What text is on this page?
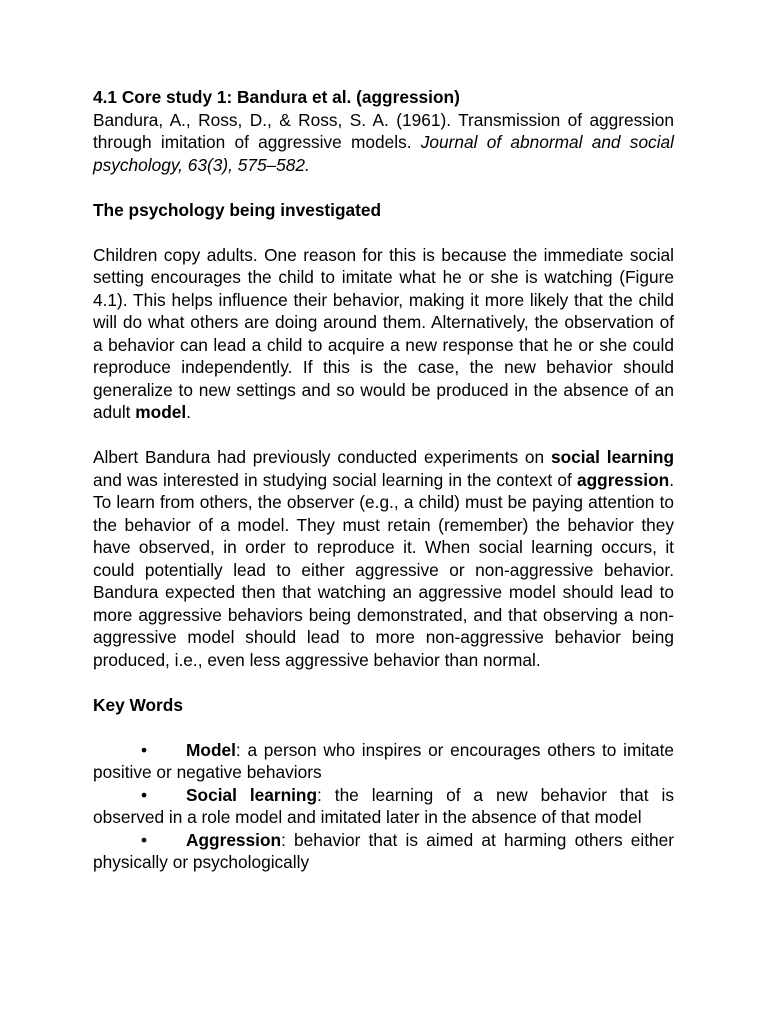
4.1 Core study 1: Bandura et al. (aggression)

Bandura, A., Ross, D., & Ross, S. A. (1961). Transmission of aggression through imitation of aggressive models. Journal of abnormal and social psychology, 63(3), 575–582.

The psychology being investigated

Children copy adults. One reason for this is because the immediate social setting encourages the child to imitate what he or she is watching (Figure 4.1). This helps influence their behavior, making it more likely that the child will do what others are doing around them. Alternatively, the observation of a behavior can lead a child to acquire a new response that he or she could reproduce independently. If this is the case, the new behavior should generalize to new settings and so would be produced in the absence of an adult model.

Albert Bandura had previously conducted experiments on social learning and was interested in studying social learning in the context of aggression. To learn from others, the observer (e.g., a child) must be paying attention to the behavior of a model. They must retain (remember) the behavior they have observed, in order to reproduce it. When social learning occurs, it could potentially lead to either aggressive or non-aggressive behavior. Bandura expected then that watching an aggressive model should lead to more aggressive behaviors being demonstrated, and that observing a non-aggressive model should lead to more non-aggressive behavior being produced, i.e., even less aggressive behavior than normal.

Key Words

• Model: a person who inspires or encourages others to imitate positive or negative behaviors

• Social learning: the learning of a new behavior that is observed in a role model and imitated later in the absence of that model

• Aggression: behavior that is aimed at harming others either physically or psychologically
